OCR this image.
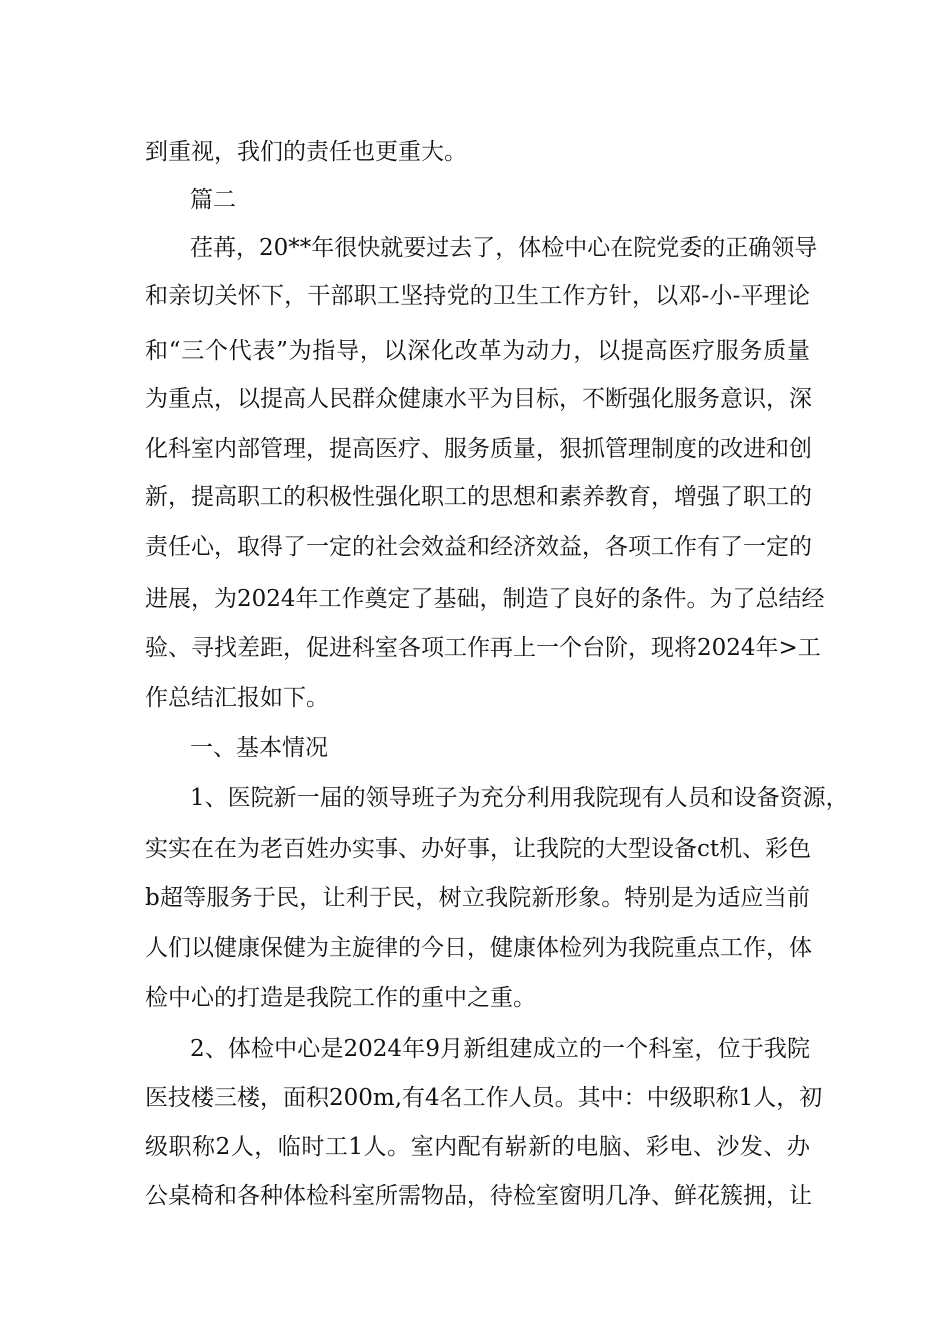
到重视，我们的责任也更重大。
篇二
荏苒，20**年很快就要过去了，体检中心在院党委的正确领导
和亲切关怀下，干部职工坚持党的卫生工作方针，以邓-小-平理论
和“三个代表”为指导，以深化改革为动力，以提高医疗服务质量
为重点，以提高人民群众健康水平为目标，不断强化服务意识，深
化科室内部管理，提高医疗、服务质量，狠抓管理制度的改进和创
新，提高职工的积极性强化职工的思想和素养教育，增强了职工的
责任心，取得了一定的社会效益和经济效益，各项工作有了一定的
进展，为2024年工作奠定了基础，制造了良好的条件。为了总结经
验、寻找差距，促进科室各项工作再上一个台阶，现将2024年>工
作总结汇报如下。
一、基本情况
1、医院新一届的领导班子为充分利用我院现有人员和设备资源，
实实在在为老百姓办实事、办好事，让我院的大型设备ct机、彩色
b超等服务于民，让利于民，树立我院新形象。特别是为适应当前
人们以健康保健为主旋律的今日，健康体检列为我院重点工作，体
检中心的打造是我院工作的重中之重。
2、体检中心是2024年9月新组建成立的一个科室，位于我院
医技楼三楼，面积200m,有4名工作人员。其中：中级职称1人，初
级职称2人，临时工1人。室内配有崭新的电脑、彩电、沙发、办
公桌椅和各种体检科室所需物品，待检室窗明几净、鲜花簇拥，让
